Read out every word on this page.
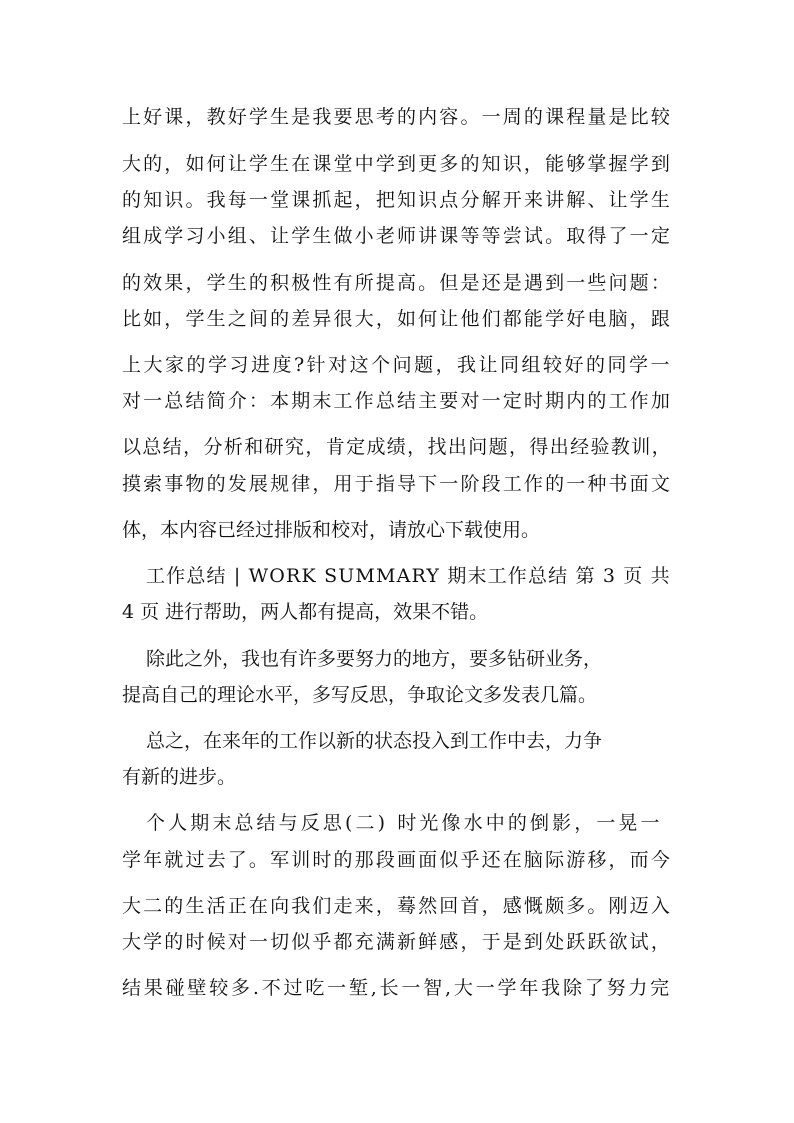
上好课，教好学生是我要思考的内容。一周的课程量是比较
大的，如何让学生在课堂中学到更多的知识，能够掌握学到
的知识。我每一堂课抓起，把知识点分解开来讲解、让学生
组成学习小组、让学生做小老师讲课等等尝试。取得了一定
的效果，学生的积极性有所提高。但是还是遇到一些问题：
比如，学生之间的差异很大，如何让他们都能学好电脑，跟
上大家的学习进度?针对这个问题，我让同组较好的同学一
对一总结简介：本期末工作总结主要对一定时期内的工作加
以总结，分析和研究，肯定成绩，找出问题，得出经验教训，
摸索事物的发展规律，用于指导下一阶段工作的一种书面文
体，本内容已经过排版和校对，请放心下载使用。
工作总结 | WORK SUMMARY 期末工作总结 第 3 页 共
4 页 进行帮助，两人都有提高，效果不错。
除此之外，我也有许多要努力的地方，要多钻研业务，
提高自己的理论水平，多写反思，争取论文多发表几篇。
总之，在来年的工作以新的状态投入到工作中去，力争
有新的进步。
个人期末总结与反思(二) 时光像水中的倒影，一晃一
学年就过去了。军训时的那段画面似乎还在脑际游移，而今
大二的生活正在向我们走来，蓦然回首，感慨颇多。刚迈入
大学的时候对一切似乎都充满新鲜感，于是到处跃跃欲试，
结果碰壁较多.不过吃一堑,长一智,大一学年我除了努力完
